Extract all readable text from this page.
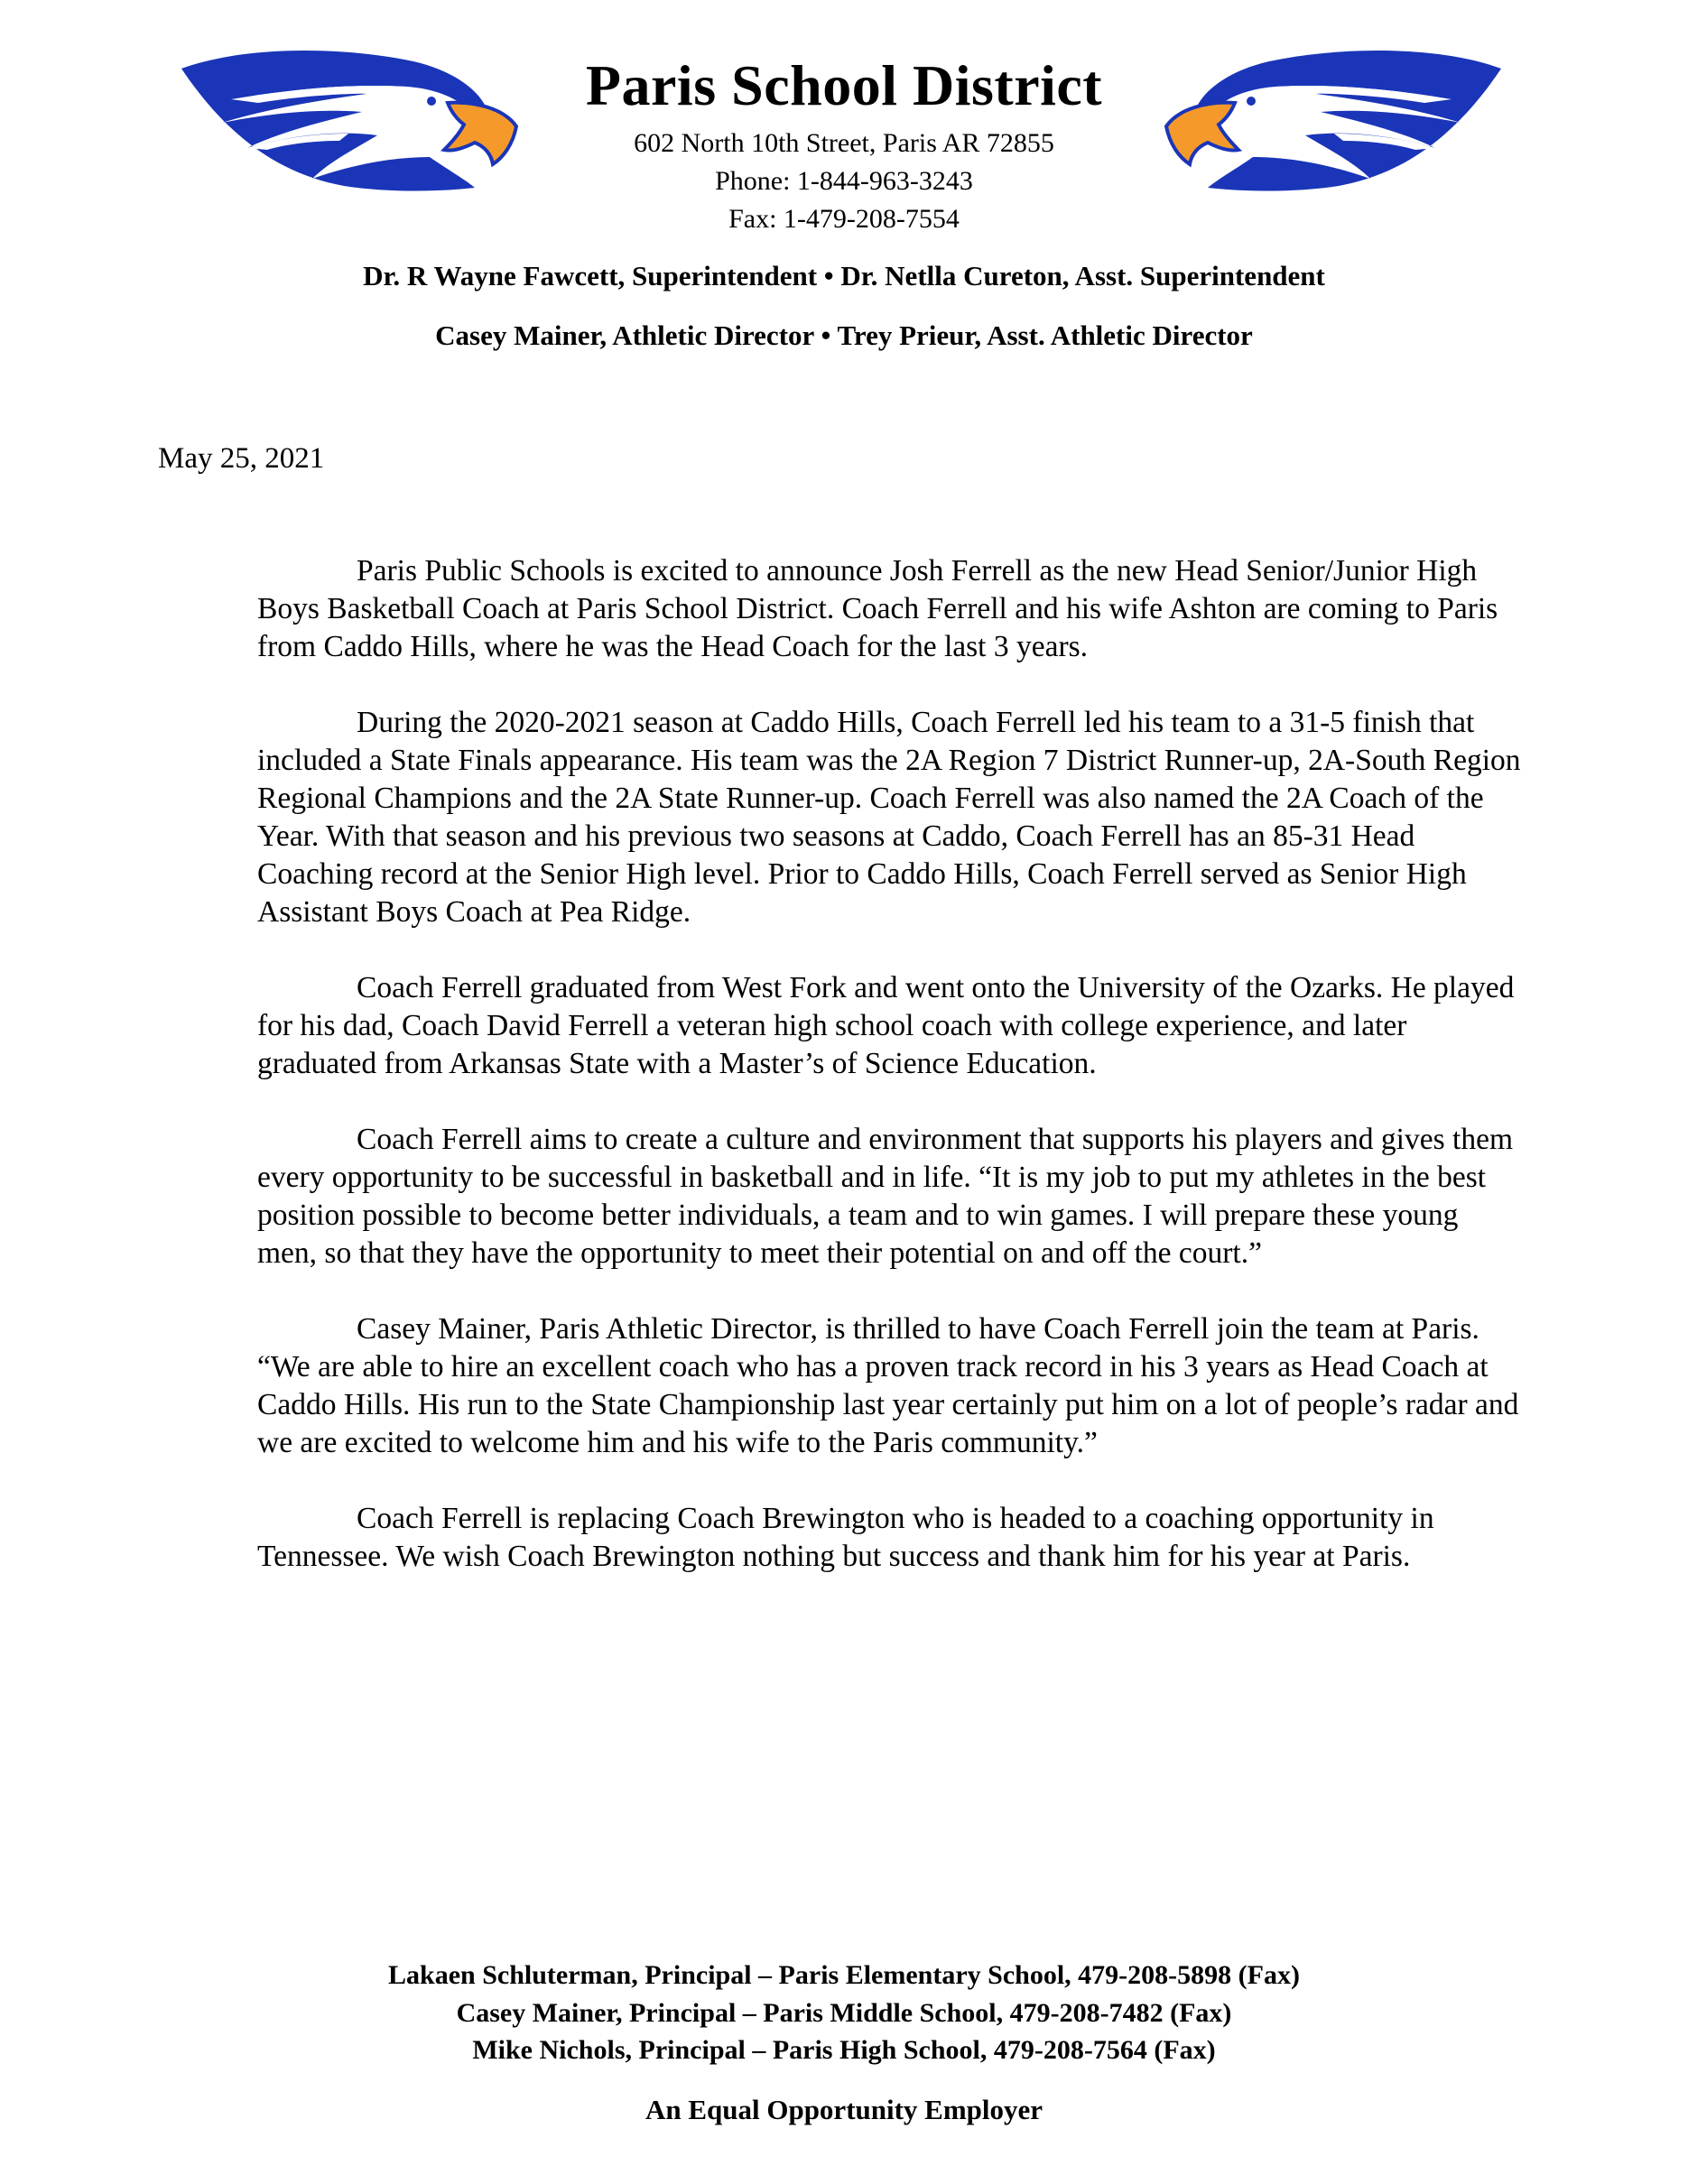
Paris School District
602 North 10th Street, Paris AR 72855
Phone: 1-844-963-3243
Fax: 1-479-208-7554
Dr. R Wayne Fawcett, Superintendent • Dr. Netlla Cureton, Asst. Superintendent
Casey Mainer, Athletic Director • Trey Prieur, Asst. Athletic Director
May 25, 2021

Paris Public Schools is excited to announce Josh Ferrell as the new Head Senior/Junior High Boys Basketball Coach at Paris School District. Coach Ferrell and his wife Ashton are coming to Paris from Caddo Hills, where he was the Head Coach for the last 3 years.

During the 2020-2021 season at Caddo Hills, Coach Ferrell led his team to a 31-5 finish that included a State Finals appearance. His team was the 2A Region 7 District Runner-up, 2A-South Region Regional Champions and the 2A State Runner-up. Coach Ferrell was also named the 2A Coach of the Year. With that season and his previous two seasons at Caddo, Coach Ferrell has an 85-31 Head Coaching record at the Senior High level. Prior to Caddo Hills, Coach Ferrell served as Senior High Assistant Boys Coach at Pea Ridge.

Coach Ferrell graduated from West Fork and went onto the University of the Ozarks. He played for his dad, Coach David Ferrell a veteran high school coach with college experience, and later graduated from Arkansas State with a Master’s of Science Education.

Coach Ferrell aims to create a culture and environment that supports his players and gives them every opportunity to be successful in basketball and in life. “It is my job to put my athletes in the best position possible to become better individuals, a team and to win games. I will prepare these young men, so that they have the opportunity to meet their potential on and off the court.”

Casey Mainer, Paris Athletic Director, is thrilled to have Coach Ferrell join the team at Paris. “We are able to hire an excellent coach who has a proven track record in his 3 years as Head Coach at Caddo Hills. His run to the State Championship last year certainly put him on a lot of people’s radar and we are excited to welcome him and his wife to the Paris community.”

Coach Ferrell is replacing Coach Brewington who is headed to a coaching opportunity in Tennessee. We wish Coach Brewington nothing but success and thank him for his year at Paris.

Lakaen Schluterman, Principal – Paris Elementary School, 479-208-5898 (Fax)
Casey Mainer, Principal – Paris Middle School, 479-208-7482 (Fax)
Mike Nichols, Principal – Paris High School, 479-208-7564 (Fax)
An Equal Opportunity Employer
